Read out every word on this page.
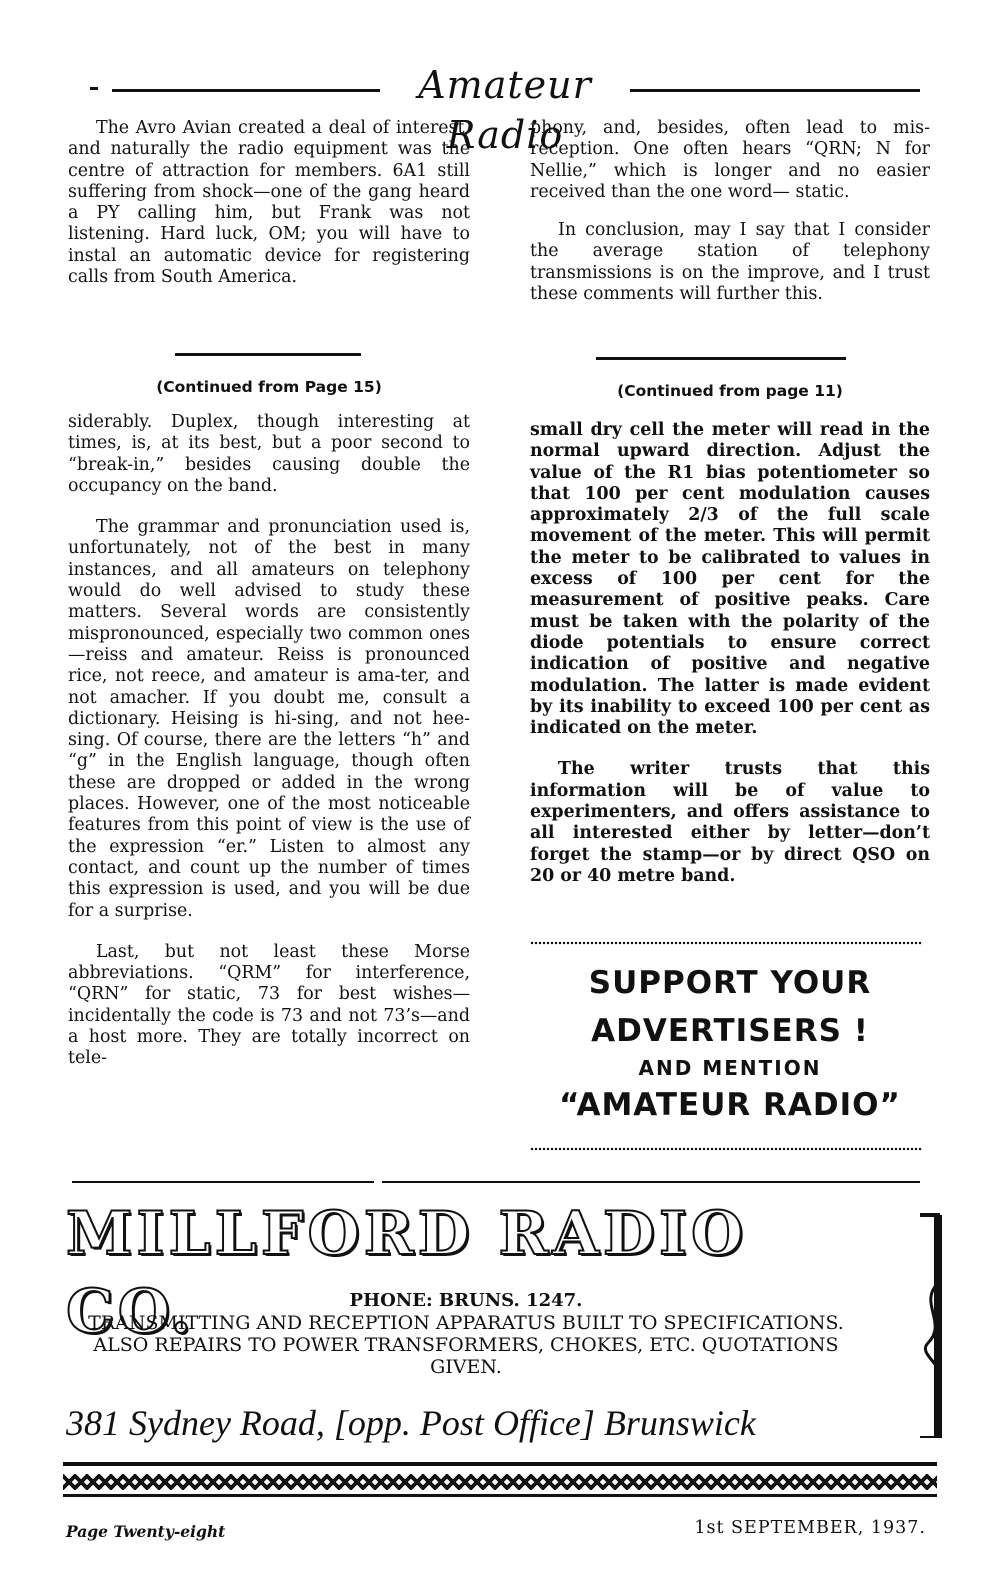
Amateur Radio

The Avro Avian created a deal of interest, and naturally the radio equipment was the centre of attraction for members. 6A1 still suffering from shock—one of the gang heard a PY calling him, but Frank was not listening. Hard luck, OM; you will have to instal an automatic device for registering calls from South America.

(Continued from Page 15)

siderably. Duplex, though interesting at times, is, at its best, but a poor second to “break-in,” besides causing double the occupancy on the band.

The grammar and pronunciation used is, unfortunately, not of the best in many instances, and all amateurs on telephony would do well advised to study these matters. Several words are consistently mispronounced, especially two common ones—reiss and amateur. Reiss is pronounced rice, not reece, and amateur is ama-ter, and not amacher. If you doubt me, consult a dictionary. Heising is hi-sing, and not hee-sing. Of course, there are the letters “h” and “g” in the English language, though often these are dropped or added in the wrong places. However, one of the most noticeable features from this point of view is the use of the expression “er.” Listen to almost any contact, and count up the number of times this expression is used, and you will be due for a surprise.

Last, but not least these Morse abbreviations. “QRM” for interference, “QRN” for static, 73 for best wishes—incidentally the code is 73 and not 73’s—and a host more. They are totally incorrect on tele-

phony, and, besides, often lead to mis-reception. One often hears “QRN; N for Nellie,” which is longer and no easier received than the one word— static.

In conclusion, may I say that I consider the average station of telephony transmissions is on the improve, and I trust these comments will further this.

(Continued from page 11)

small dry cell the meter will read in the normal upward direction. Adjust the value of the R1 bias potentiometer so that 100 per cent modulation causes approximately 2/3 of the full scale movement of the meter. This will permit the meter to be calibrated to values in excess of 100 per cent for the measurement of positive peaks. Care must be taken with the polarity of the diode potentials to ensure correct indication of positive and negative modulation. The latter is made evident by its inability to exceed 100 per cent as indicated on the meter.

The writer trusts that this information will be of value to experimenters, and offers assistance to all interested either by letter—don’t forget the stamp—or by direct QSO on 20 or 40 metre band.

SUPPORT YOUR
ADVERTISERS !
AND MENTION
“AMATEUR RADIO”
MILLFORD RADIO CO.	PHONE: BRUNS. 1247.
TRANSMITTING AND RECEPTION APPARATUS BUILT TO SPECIFICATIONS. ALSO REPAIRS TO POWER TRANSFORMERS, CHOKES, ETC. QUOTATIONS GIVEN.
381 Sydney Road, [opp. Post Office] Brunswick
Page Twenty-eight	1st SEPTEMBER, 1937.
